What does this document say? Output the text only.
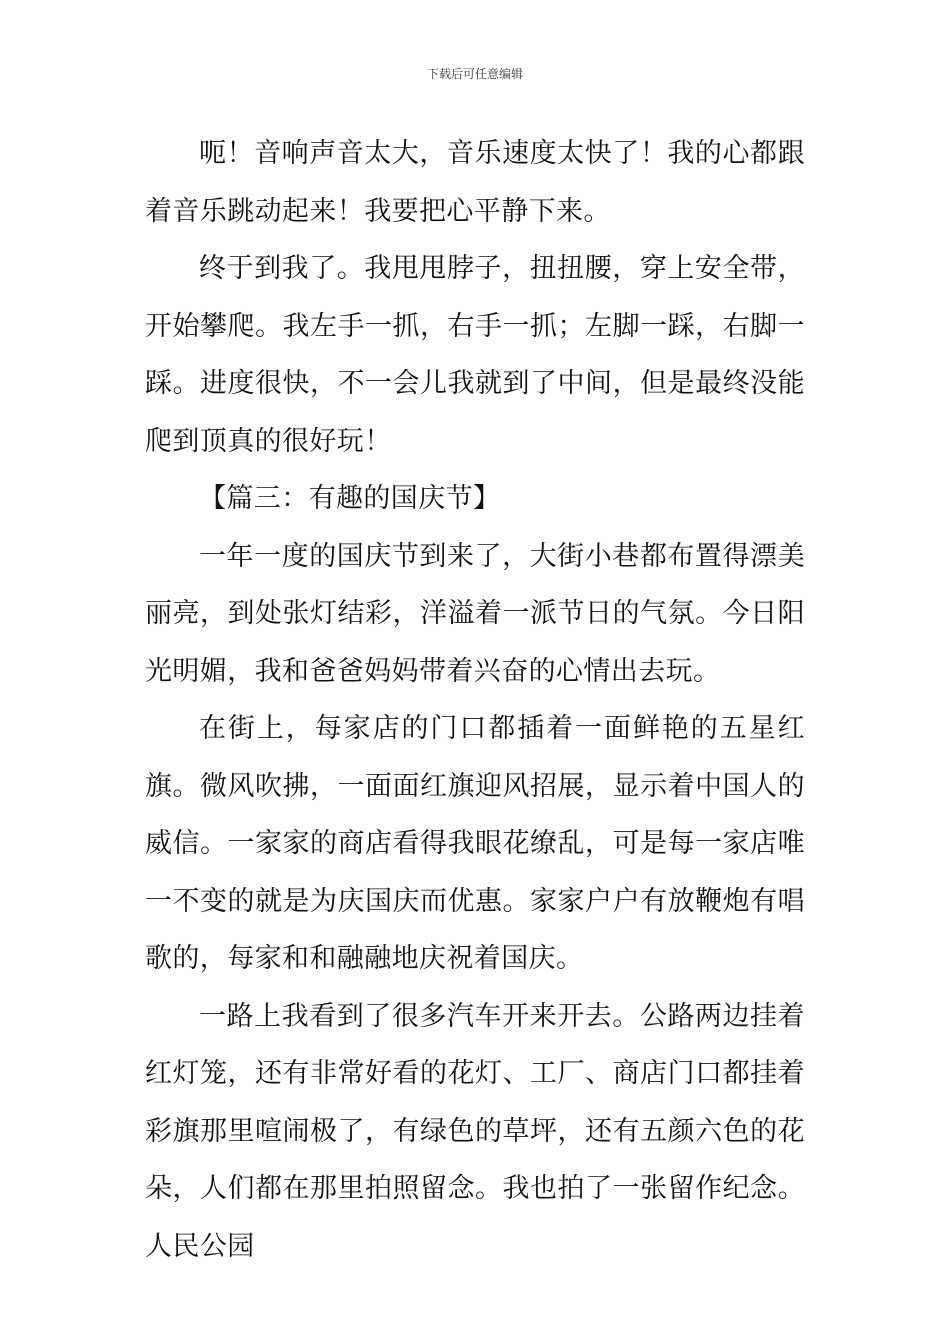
下载后可任意编辑

呃！音响声音太大，音乐速度太快了！我的心都跟着音乐跳动起来！我要把心平静下来。

终于到我了。我甩甩脖子，扭扭腰，穿上安全带，开始攀爬。我左手一抓，右手一抓；左脚一踩，右脚一踩。进度很快，不一会儿我就到了中间，但是最终没能爬到顶真的很好玩！

【篇三：有趣的国庆节】

一年一度的国庆节到来了，大街小巷都布置得漂美丽亮，到处张灯结彩，洋溢着一派节日的气氛。今日阳光明媚，我和爸爸妈妈带着兴奋的心情出去玩。

在街上，每家店的门口都插着一面鲜艳的五星红旗。微风吹拂，一面面红旗迎风招展，显示着中国人的威信。一家家的商店看得我眼花缭乱，可是每一家店唯一不变的就是为庆国庆而优惠。家家户户有放鞭炮有唱歌的，每家和和融融地庆祝着国庆。

一路上我看到了很多汽车开来开去。公路两边挂着红灯笼，还有非常好看的花灯、工厂、商店门口都挂着彩旗那里喧闹极了，有绿色的草坪，还有五颜六色的花朵，人们都在那里拍照留念。我也拍了一张留作纪念。人民公园
